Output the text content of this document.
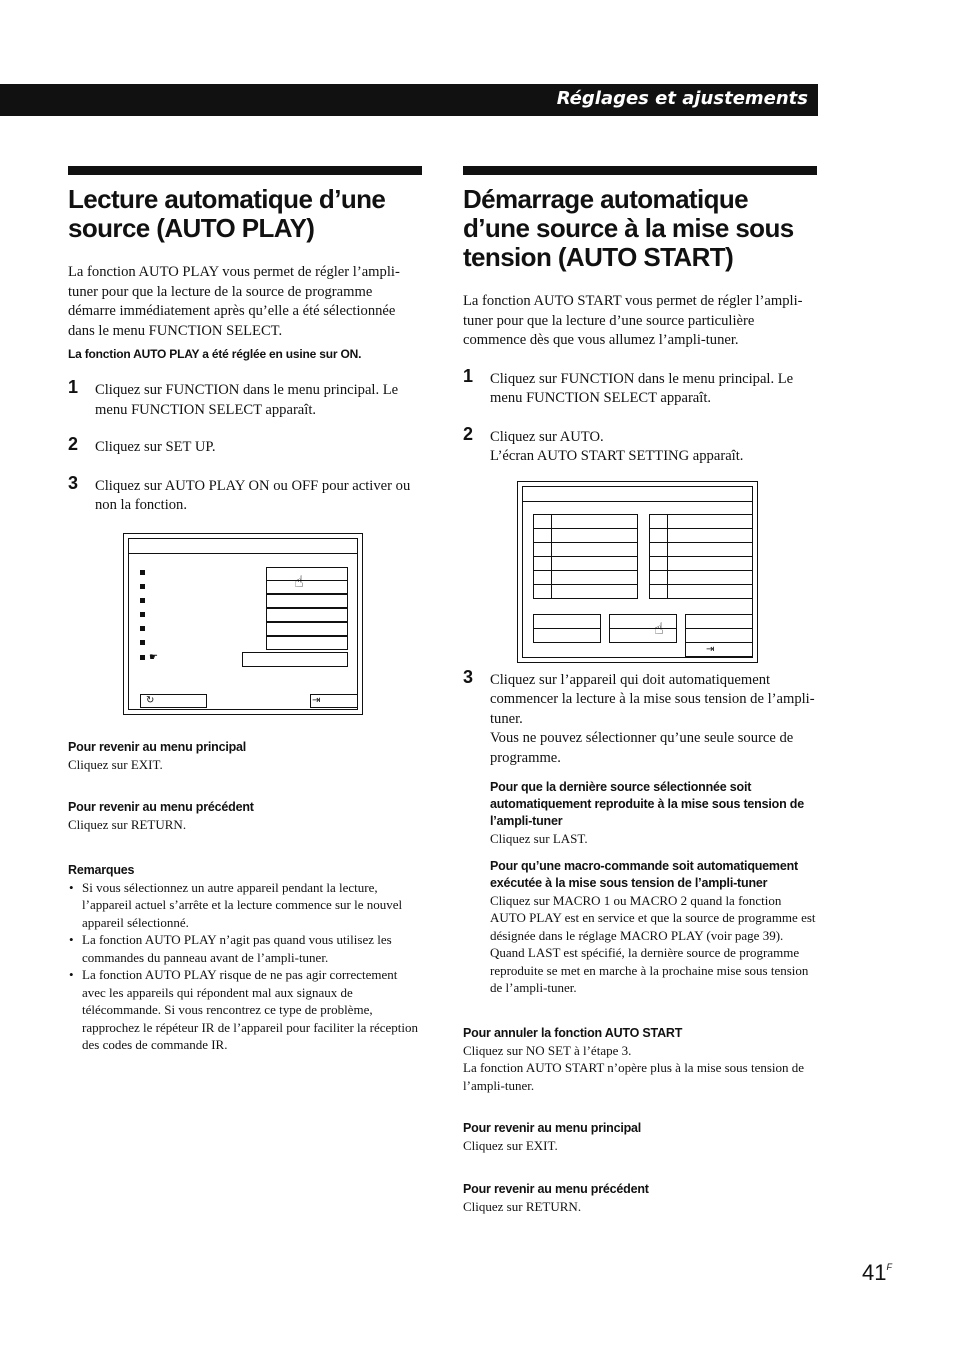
Réglages et ajustements
Lecture automatique d’une source (AUTO PLAY)

La fonction AUTO PLAY vous permet de régler l’ampli-tuner pour que la lecture de la source de programme démarre immédiatement après qu’elle a été sélectionnée dans le menu FUNCTION SELECT.

La fonction AUTO PLAY a été réglée en usine sur ON.
1 Cliquez sur FUNCTION dans le menu principal. Le menu FUNCTION SELECT apparaît.
2 Cliquez sur SET UP.
3 Cliquez sur AUTO PLAY ON ou OFF pour activer ou non la fonction.
☛
☝
↻	⇥
Pour revenir au menu principal
Cliquez sur EXIT.
Pour revenir au menu précédent
Cliquez sur RETURN.
Remarques
• Si vous sélectionnez un autre appareil pendant la lecture, l’appareil actuel s’arrête et la lecture commence sur le nouvel appareil sélectionné.
• La fonction AUTO PLAY n’agit pas quand vous utilisez les commandes du panneau avant de l’ampli-tuner.
• La fonction AUTO PLAY risque de ne pas agir correctement avec les appareils qui répondent mal aux signaux de télécommande. Si vous rencontrez ce type de problème, rapprochez le répéteur IR de l’appareil pour faciliter la réception des codes de commande IR.
Démarrage automatique d’une source à la mise sous tension (AUTO START)

La fonction AUTO START vous permet de régler l’ampli-tuner pour que la lecture d’une source particulière commence dès que vous allumez l’ampli-tuner.

1 Cliquez sur FUNCTION dans le menu principal. Le menu FUNCTION SELECT apparaît.
2 Cliquez sur AUTO.
L’écran AUTO START SETTING apparaît.
⇥
☝
3 Cliquez sur l’appareil qui doit automatiquement commencer la lecture à la mise sous tension de l’ampli-tuner.
Vous ne pouvez sélectionner qu’une seule source de programme.
Pour que la dernière source sélectionnée soit automatiquement reproduite à la mise sous tension de l’ampli-tuner
Cliquez sur LAST.
Pour qu’une macro-commande soit automatiquement exécutée à la mise sous tension de l’ampli-tuner
Cliquez sur MACRO 1 ou MACRO 2 quand la fonction AUTO PLAY est en service et que la source de programme est désignée dans le réglage MACRO PLAY (voir page 39).
Quand LAST est spécifié, la dernière source de programme reproduite se met en marche à la prochaine mise sous tension de l’ampli-tuner.
Pour annuler la fonction AUTO START
Cliquez sur NO SET à l’étape 3.
La fonction AUTO START n’opère plus à la mise sous tension de l’ampli-tuner.
Pour revenir au menu principal
Cliquez sur EXIT.
Pour revenir au menu précédent
Cliquez sur RETURN.
$41^F$
